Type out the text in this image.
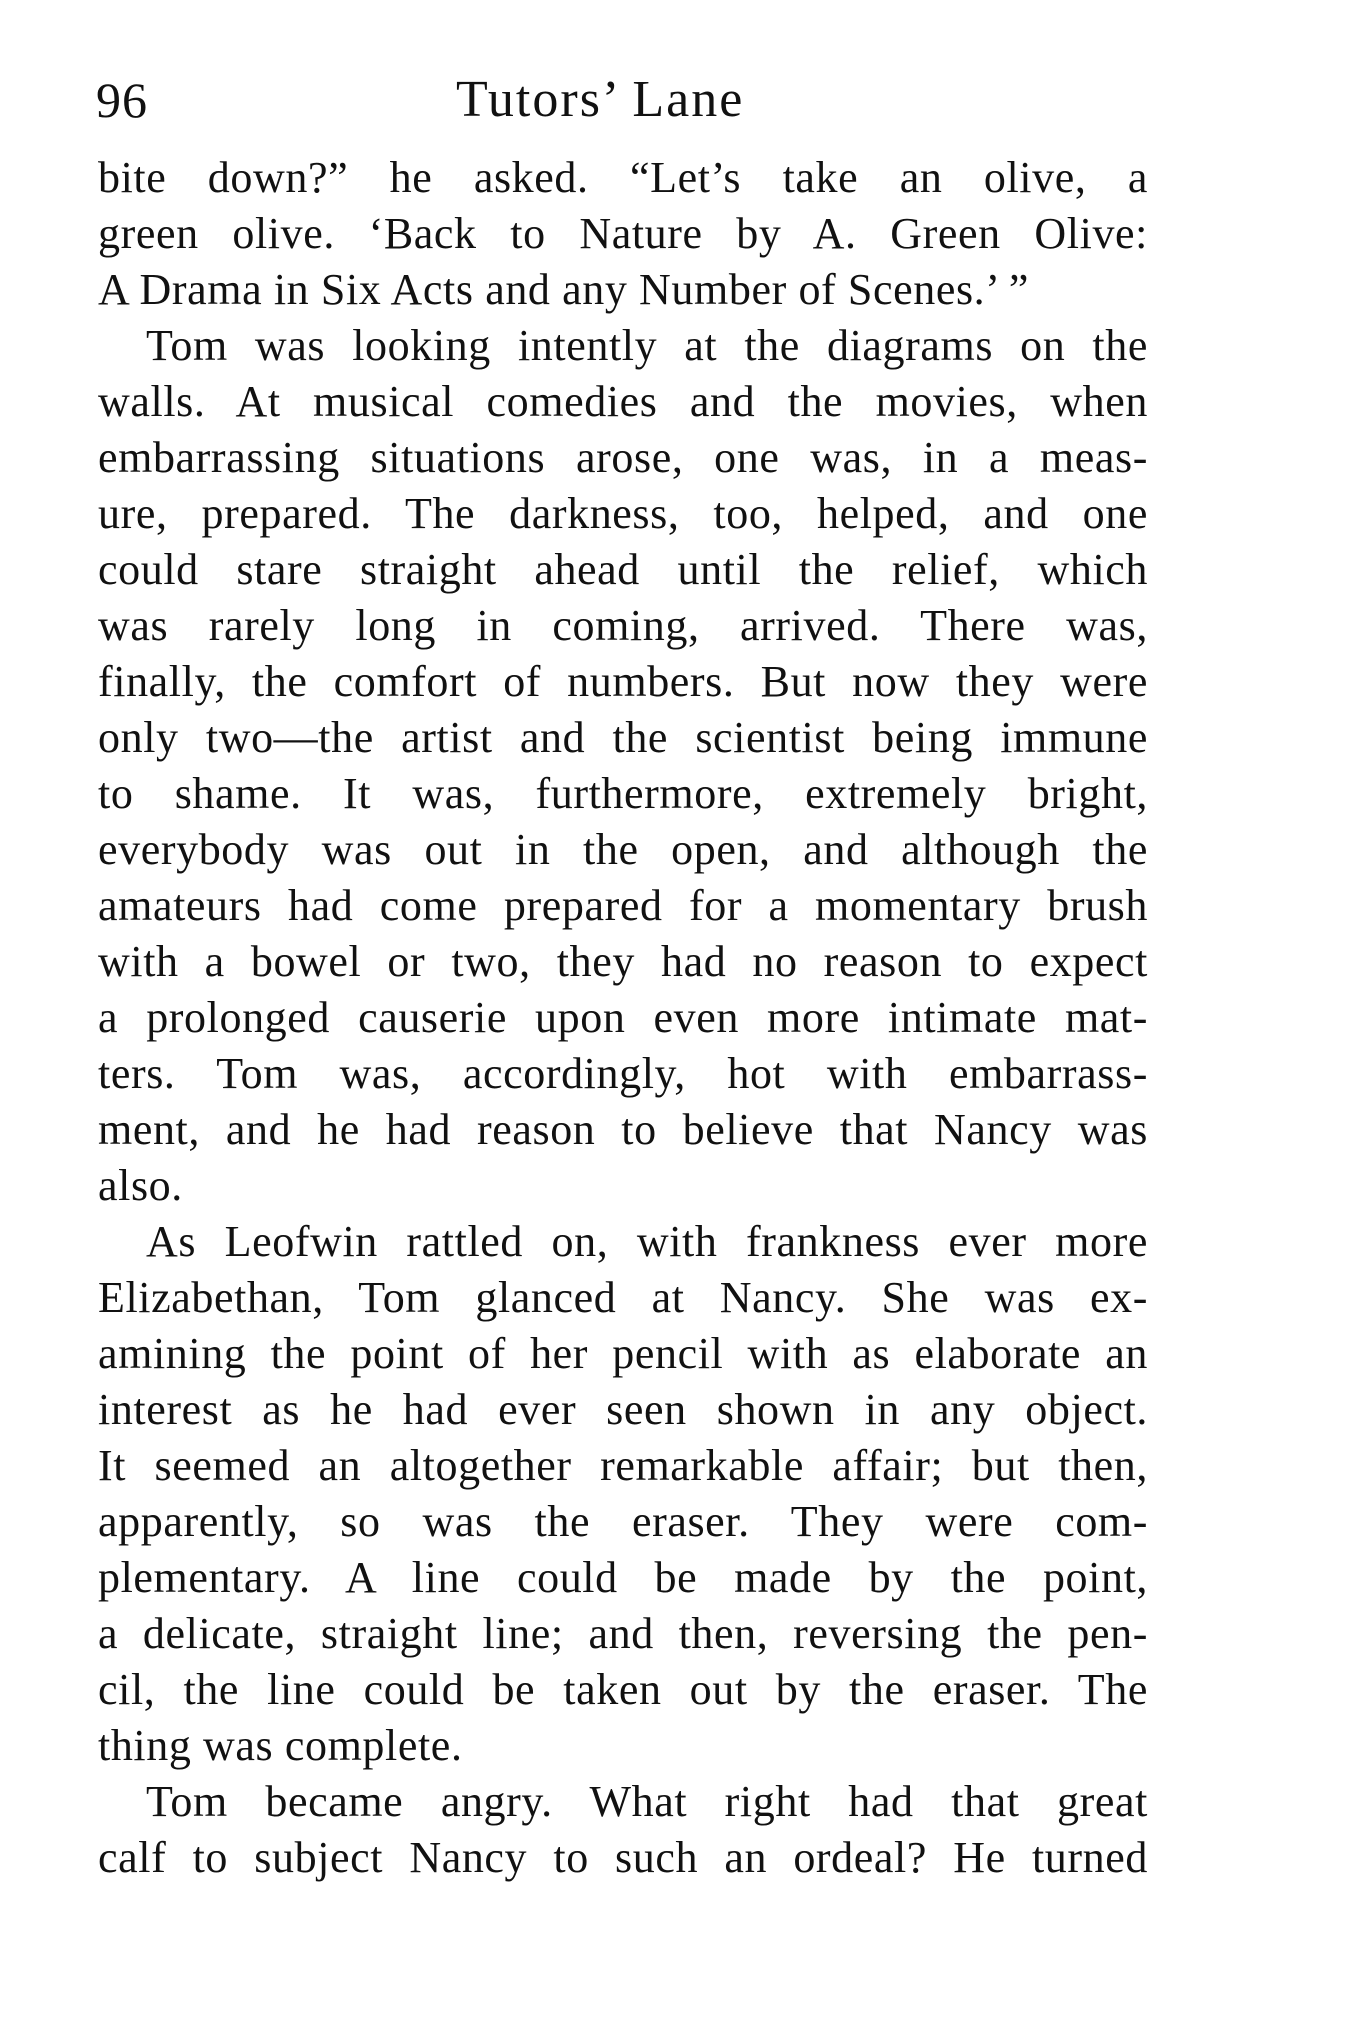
96	Tutors’ Lane
bite down?” he asked. “Let’s take an olive, a
green olive. ‘Back to Nature by A. Green Olive:
A Drama in Six Acts and any Number of Scenes.’ ”
Tom was looking intently at the diagrams on the
walls. At musical comedies and the movies, when
embarrassing situations arose, one was, in a meas-
ure, prepared. The darkness, too, helped, and one
could stare straight ahead until the relief, which
was rarely long in coming, arrived. There was,
finally, the comfort of numbers. But now they were
only two—the artist and the scientist being immune
to shame. It was, furthermore, extremely bright,
everybody was out in the open, and although the
amateurs had come prepared for a momentary brush
with a bowel or two, they had no reason to expect
a prolonged causerie upon even more intimate mat-
ters. Tom was, accordingly, hot with embarrass-
ment, and he had reason to believe that Nancy was
also.
As Leofwin rattled on, with frankness ever more
Elizabethan, Tom glanced at Nancy. She was ex-
amining the point of her pencil with as elaborate an
interest as he had ever seen shown in any object.
It seemed an altogether remarkable affair; but then,
apparently, so was the eraser. They were com-
plementary. A line could be made by the point,
a delicate, straight line; and then, reversing the pen-
cil, the line could be taken out by the eraser. The
thing was complete.
Tom became angry. What right had that great
calf to subject Nancy to such an ordeal? He turned
